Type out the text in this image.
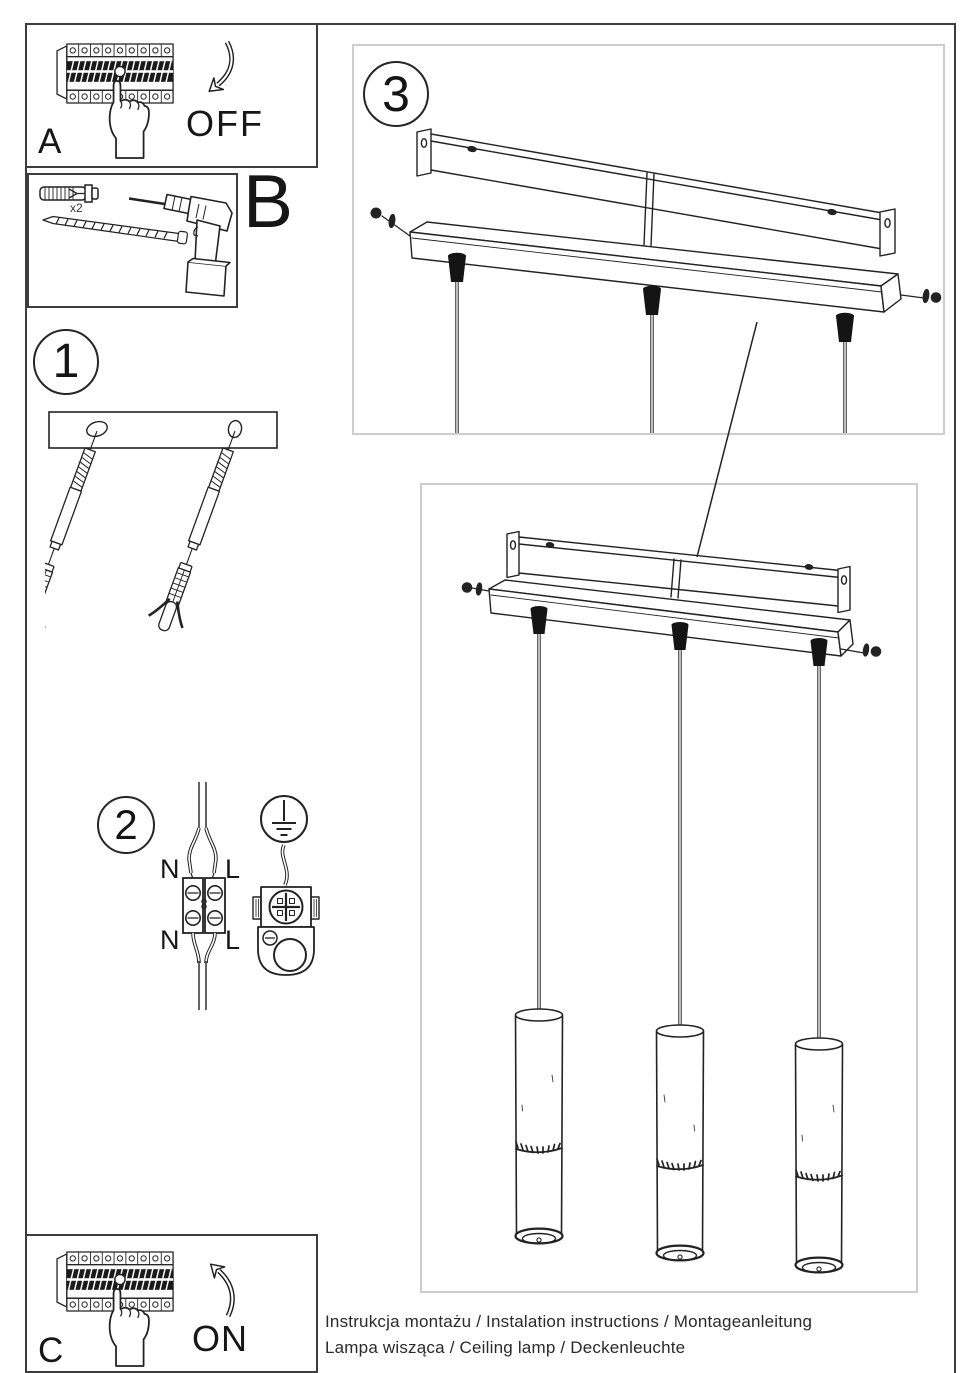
A	OFF
B
x2
1
2
N L
N L
C	ON
3
Instrukcja montażu / Instalation instructions / Montageanleitung
Lampa wisząca / Ceiling lamp / Deckenleuchte
